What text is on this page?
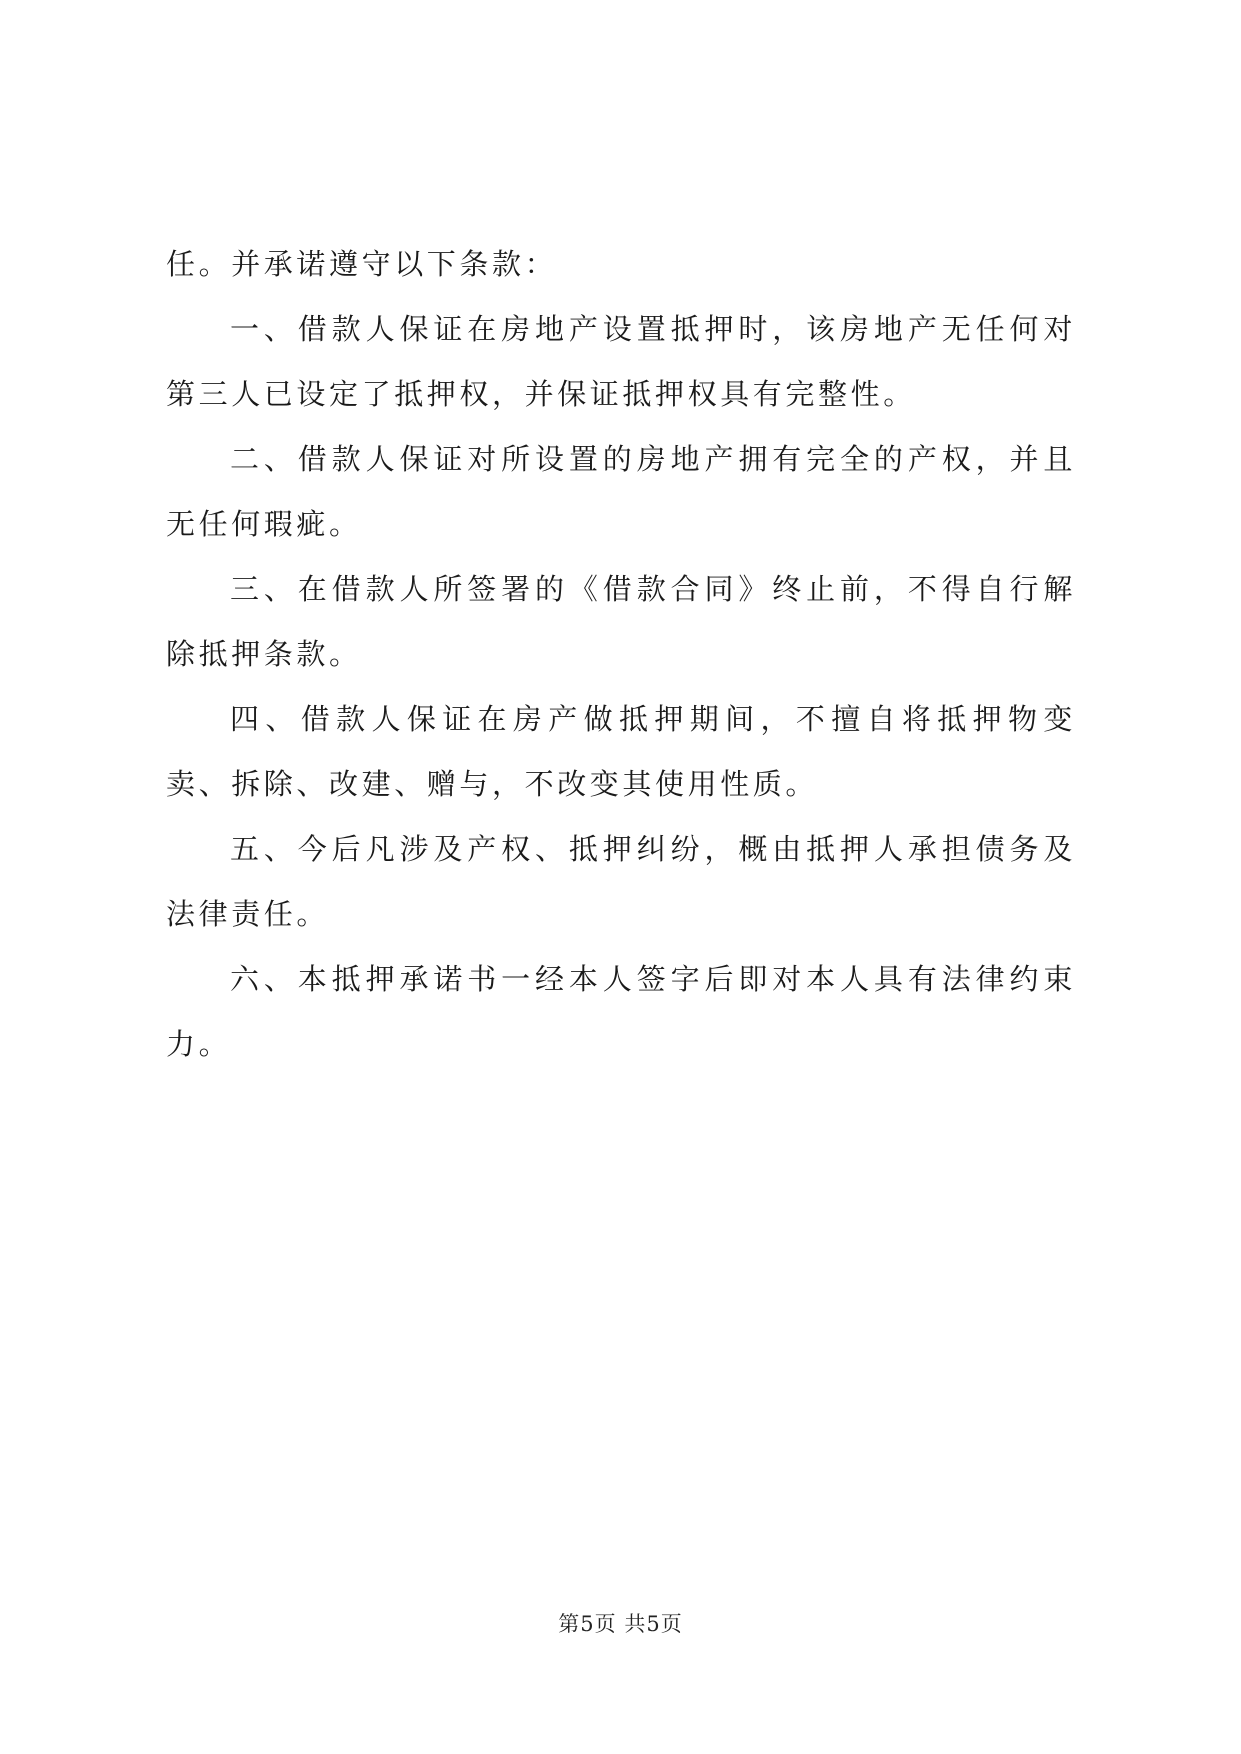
任。并承诺遵守以下条款：

一、借款人保证在房地产设置抵押时，该房地产无任何对第三人已设定了抵押权，并保证抵押权具有完整性。

二、借款人保证对所设置的房地产拥有完全的产权，并且无任何瑕疵。

三、在借款人所签署的《借款合同》终止前，不得自行解除抵押条款。

四、借款人保证在房产做抵押期间，不擅自将抵押物变卖、拆除、改建、赠与，不改变其使用性质。

五、今后凡涉及产权、抵押纠纷，概由抵押人承担债务及法律责任。

六、本抵押承诺书一经本人签字后即对本人具有法律约束力。

第5页 共5页
